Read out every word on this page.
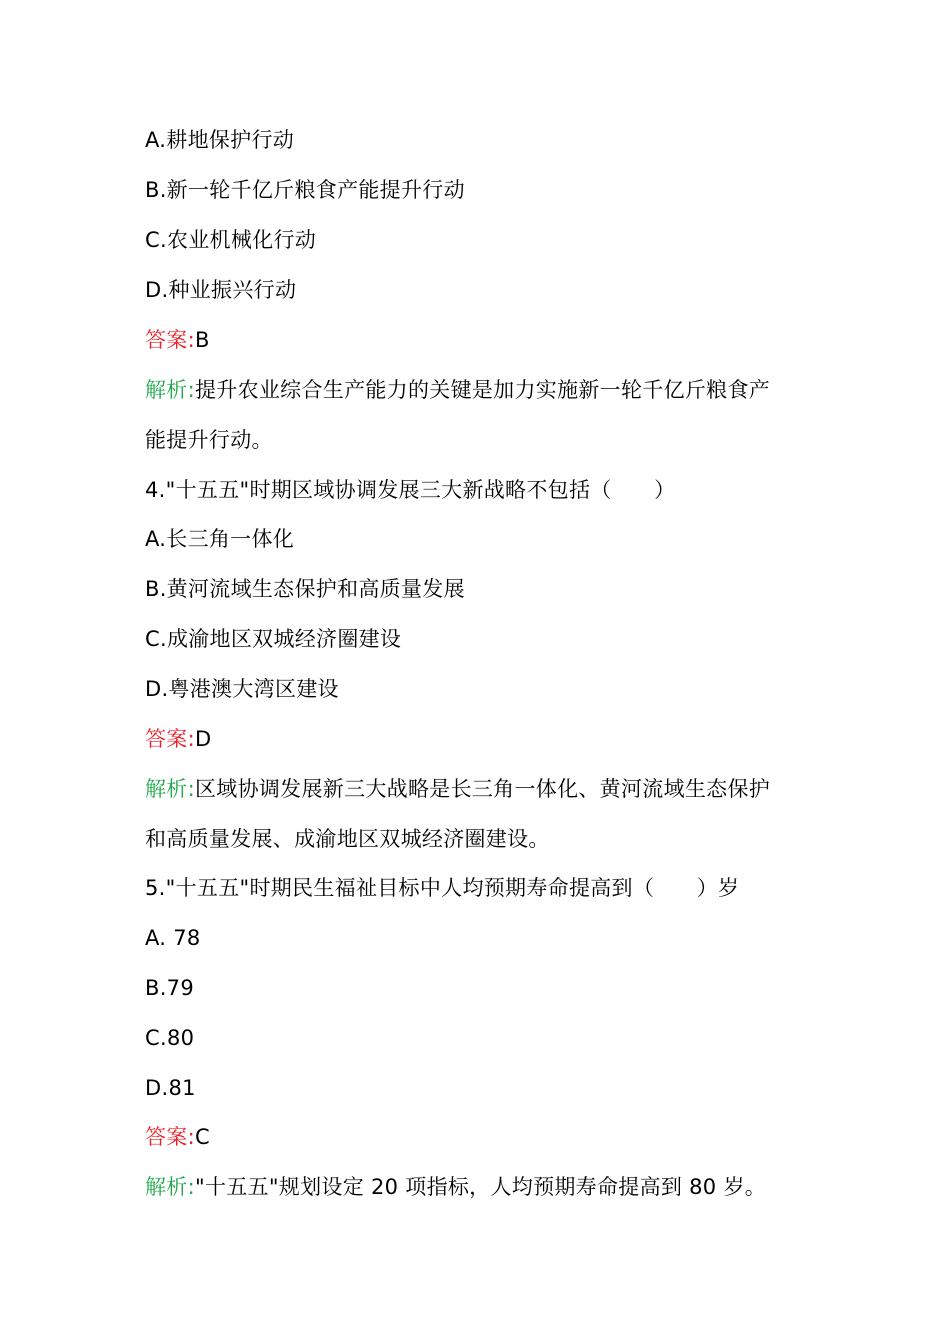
A.耕地保护行动
B.新一轮千亿斤粮食产能提升行动
C.农业机械化行动
D.种业振兴行动
答案:B
解析:提升农业综合生产能力的关键是加力实施新一轮千亿斤粮食产
能提升行动。
4."十五五"时期区域协调发展三大新战略不包括（　　）
A.长三角一体化
B.黄河流域生态保护和高质量发展
C.成渝地区双城经济圈建设
D.粤港澳大湾区建设
答案:D
解析:区域协调发展新三大战略是长三角一体化、黄河流域生态保护
和高质量发展、成渝地区双城经济圈建设。
5."十五五"时期民生福祉目标中人均预期寿命提高到（　　）岁
A. 78
B.79
C.80
D.81
答案:C
解析:"十五五"规划设定 20 项指标，人均预期寿命提高到 80 岁。
